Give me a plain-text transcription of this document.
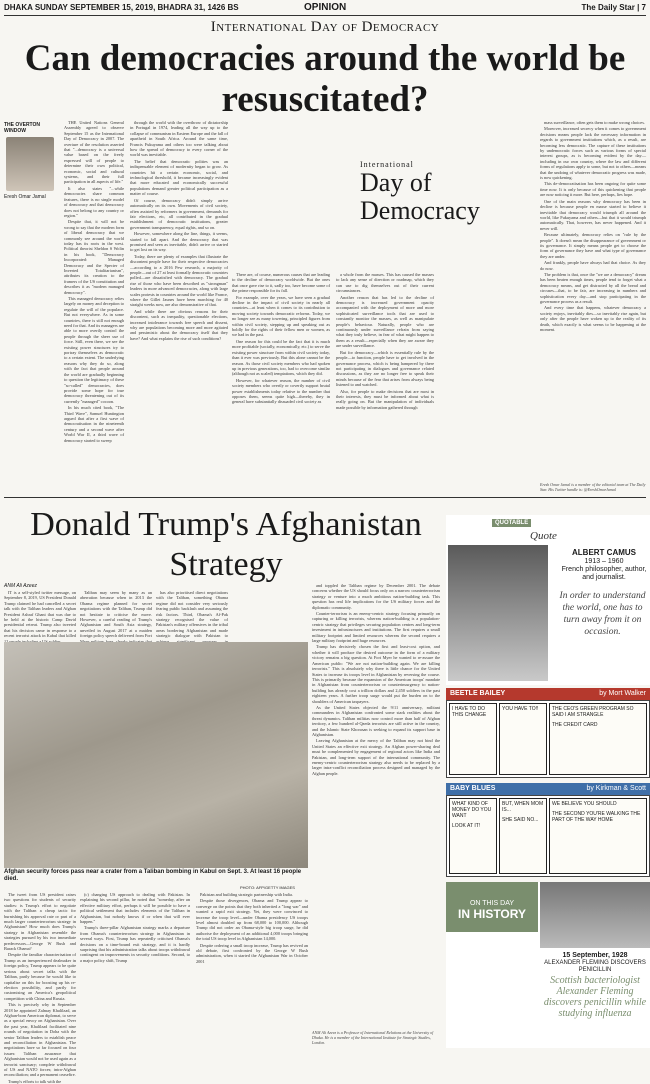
DHAKA SUNDAY SEPTEMBER 15, 2019, BHADRA 31, 1426 BS	OPINION	The Daily Star | 7
International Day of Democracy
Can democracies around the world be resuscitated?
THE OVERTON WINDOW
Eresh Omar Jamal

THE United Nations General Assembly agreed to observe September 15 as the International Day of Democracy in 2007. The overture of the resolution asserted that "...democracy is a universal value based on the freely expressed will of people to determine their own political, economic, social and cultural systems, and their full participation in all aspects of life."

It also states "...while democracies share common features, there is no single model of democracy and that democracy does not belong to any country or region."

Despite that, it will not be wrong to say that the modern form of liberal democracy that we commonly see around the world today has its roots in the west. Political theorist Sheldon S Wolin in his book, "Democracy Incorporated: Managed Democracy and the Specter of Inverted Totalitarianism", attributes its creation to the framers of the US constitution and describes it as "modern managed democracy".

This managed democracy relies largely on money and deception to regulate the will of the populace. But not everywhere. As in some countries, there is still not enough need for that. And its managers are able to more overtly control the people through the sheer use of force. Still, even there, we see the existing power structures try to portray themselves as democratic to a certain extent. The underlying reasons why they do so, along with the fact that people around the world are gradually beginning to question the legitimacy of these "so-called" democracies, does provide some hope for true democracy threatening out of its currently "managed" cocoon.

In his much cited book, "The Third Wave", Samuel Huntington argued that after a first wave of democratisation in the nineteenth century and a second wave after World War II, a third wave of democracy started to sweep

through the world with the overthrow of dictatorship in Portugal in 1974, leading all the way up to the collapse of communism in Eastern Europe and the fall of apartheid in South Africa. Around the same time, Francis Fukuyama and others too were talking about how the spread of democracy to every corner of the world was inevitable.

The belief that democratic polities was an indispensable element of modernity began to grow. As countries hit a certain economic, social, and technological threshold, it became increasingly evident that more educated and economically successful populations demand greater political participation as a matter of course.

Of course, democracy didn't simply arrive automatically on its own. Movements of civil society, often assisted by reformers in government, demands for fair elections, etc, all contributed in the gradual establishment of democratic institutions, greater government transparency, equal rights, and so on.

However, somewhere along the line, things, it seems, started to fall apart. And the democracy that was promised and seen as inevitable, didn't arrive or started to get lost on its way.

Today, there are plenty of examples that illustrate the discontent people have for their respective democracies—according to a 2016 Pew research, a majority of people—out of 27 at least formally democratic countries polled—are dissatisfied with democracy. The gradual rise of those who have been described as "strongman" leaders in more advanced democracies, along with large scales protests in countries around the world like France, where the Gillet Jaunes have been marching for 40 straight weeks now, are also demonstrative of that.

And while there are obvious reasons for their discontent, such as inequality, questionable elections, increased intolerance towards free speech and dissent, why are populations becoming more and more agitated and pessimistic about the democracy itself that they have? And what explains the rise of such conditions?

International
Day of
Democracy

There are, of course, numerous causes that are leading to the decline of democracy worldwide. But the ones that once gave rise to it, sadly too, have become some of the prime responsible for its fall.

For example, over the years, we have seen a gradual decline in the impact of civil society in nearly all countries—at least when it comes to its contribution to moving society towards democratic reforms. Today, we no longer see as many towering, principled figures from within civil society, stepping up and speaking out as boldly for the rights of their fellow men or women, as we had in the past.

One reason for this could be the fact that it is much more profitable (socially, economically, etc.) to serve the existing power structure from within civil society today, than it ever was previously. But this alone cannot be the reason. As those civil society members who had spoken up in previous generations, too, had to overcome similar (although not as scaled) temptations, which they did.

However, for whatever reason, the number of civil society members who overtly or covertly support brutal power establishments today relative to the number that opposes them, seems quite high—thereby, they in general have substantially dissuaded civil society as

a whole from the masses. This has caused the masses to lack any sense of direction or roadmap, which they can use to dig themselves out of their current circumstances.

Another reason that has led to the decline of democracy is increased government opacity accompanied with the deployment of more and more sophisticated surveillance tools that are used to constantly monitor the masses, as well as manipulate people's behaviour. Naturally, people who are continuously under surveillance refrain from saying what they truly believe, in fear of what might happen to them as a result—especially when they are aware they are under surveillance.

But for democracy—which is essentially rule by the people—to function, people have to get involved in the governance process, which is being hampered by there not participating in dialogues and governance related discussions, as they are no longer free to speak their minds because of the fear that arises from always being listened to and watched.

Also, for people to make decisions that are most in their interests, they must be informed about what is really going on. But the manipulation of individuals made possible by information gathered through

mass surveillance, often gets them to make wrong choices.

Moreover, increased secrecy when it comes to government decisions means people lack the necessary information in regards to government institutions which, as a result, are becoming less democratic. The capture of these institutions by undemocratic forces such as various forms of special interest groups, as is becoming evident by the day—including in our own country, where the law and different forms of regulations apply to some, but not to others—means that the undoing of whatever democratic progress was made, is now quickening.

This de-democratisation has been ongoing for quite some time now. It is only because of this quickening that people are now noticing it more. But here, perhaps, lies hope.

One of the main reasons why democracy has been in decline is because people en masse started to believe it inevitable that democracy would triumph all around the world, like Fukuyama and others—but that it would triumph automatically. That, however, has never happened. And it never will.

Because ultimately, democracy relies on "rule by the people". It doesn't mean the disappearance of government or its governance. It simply means people get to choose the form of governance they have and what type of governance they are under.

And frankly, people have always had that choice. As they do now.

The problem is that, once the "we are a democracy" dream has been beaten enough times, people tend to forget what a democracy means, and get distracted by all the bread and circuses—that, to be fair, are increasing in numbers and sophistication every day—and stop participating in the governance process as a result.

And every time that happens, whatever democracy a society enjoys, inevitably dies—so inevitably rise again, but only after the people have woken up to the reality of its death, which exactly is what seems to be happening at the moment.

Eresh Omar Jamal is a member of the editorial team at The Daily Star. His Twitter handle is: @EreshOmarJamal
Donald Trump's Afghanistan Strategy
ANM Ali Azeez

IT is a self-styled twitter message, on September 8, 2019, US President Donald Trump claimed he had cancelled a secret talk with the Taliban leaders and Afghan President Ashraf Ghani that was due to be held at the historic Camp David presidential retreat. Trump also tweeted that his decision came in response to a recent terrorist attack in Kabul that killed

Taliban may seem by many as an aberration because when in 2013 the Obama regime planned for secret negotiations with the Taliban, Trump did not hesitate to criticise the move. However, a careful reading of Trump's Afghanistan and South Asia strategy, unveiled in August 2017 at a maiden foreign policy speech delivered from Fort

has also prioritised direct negotiations with the Taliban, something Obama regime did not consider very seriously fearing public backlash and assuming the risk factors. Third, Obama's Af-Pak strategy recognised the value of Pakistan's military offensives in the tribal areas bordering Afghanistan and made strategic dialogue with Pakistan to

Afghan security forces pass near a crater from a Taliban bombing in Kabul on Sept. 3. At least 16 people died.
PHOTO: AFP/GETTY IMAGES

The tweet from US president raises two questions for students of security studies: is Trump's effort to negotiate with the Taliban a cheap tactic for burnishing his approval rate or part of a much larger counterterrorism strategy in Afghanistan? How much does Trump's strategy in Afghanistan resemble the strategies pursued by his two immediate predecessors—George W Bush and Barack Obama?

Despite the familiar characterisation of Trump as an inexperienced dealmaker in foreign policy, Trump appears to be quite serious about secret talks with the Taliban, partly because he would like to capitalise on this for boosting up his re-election possibility, and partly for customising an America's geopolitical competition with China and Russia.

This is precisely why in September 2018 he appointed Zalmay Khalilzad, an Afghan-born American diplomat, to serve as a special envoy on Afghanistan. Over the past year, Khalilzad facilitated nine rounds of negotiation in Doha with the senior Taliban leaders to establish peace and reconciliation in Afghanistan. The negotiations have so far focused on four issues: Taliban assurance that Afghanistan would not be used again as a terrorist sanctuary; complete withdrawal of US and NATO forces; intra-Afghan reconciliation; and a permanent ceasefire.

Trump's efforts to talk with the

(c) changing US approach to dealing with Pakistan. In explaining his second pillar, he noted that "someday, after an effective military effort, perhaps it will be possible to have a political settlement that includes elements of the Taliban in Afghanistan, but nobody knows if or when that will ever happen."

Trump's three-pillar Afghanistan strategy marks a departure from Obama's counterterrorism strategy in Afghanistan in several ways. First, Trump has repeatedly criticised Obama's decisions on a time-bound exit strategy, and it is hardly surprising that his administration talks about troops withdrawal contingent on improvements in security conditions. Second, to a major policy shift, Trump

Pakistan and building strategic partnership with India.

Despite those divergences, Obama and Trump appear to converge on the points that they both inherited a "long war" and wanted a rapid exit strategy. Yet, they were convinced to increase the troop level—under Obama presidency US troops level almost doubled up from 68,000 to 100,000. Although Trump did not order an Obama-style big troop surge, he did authorise the deployment of an additional 4,000 troops bringing the total US troop level in Afghanistan 14,000.

Despite ordering a small troop increase, Trump has revived an old debate, first confronted by the George W Bush administration, when it started the Afghanistan War in October 2001

and toppled the Taliban regime by December 2001. The debate concerns whether the US should focus only on a narrow counterterrorism strategy or venture into a much ambitious nation-building task. This question has real life implications for the US military forces and the diplomatic community.

Counter-terrorism is an enemy-centric strategy focusing primarily on capturing or killing terrorists, whereas nation-building is a population-centric strategy that privileges securing population centres and long-term investment in infrastructures and institutions. The first requires a small military footprint and limited resources whereas the second requires a large military footprint and huge resources.

Trump has decisively chosen the first and least-cost option, and whether it will produce the desired outcome in the form of a military victory remains a big question. At Fort Myer he wanted to re-assure the American public: "We are not nation-building again. We are killing terrorists." This is absolutely why there is little chance for the United States to increase its troops level in Afghanistan by reversing the course. This is primarily because the expansion of the American troops' mandate in Afghanistan from counterterrorism or counterinsurgency to nation-building has already cost a trillion dollars and 2,450 soldiers in the past eighteen years. A further troop surge would put the burden on to the shoulders of American taxpayers.

As the United States objected the 9/11 anniversary, militant commanders in Afghanistan confronted some stark realities about the threat dynamics. Taliban militias now control more than half of Afghan territory, a few hundred al-Qaeda terrorists are still active in the country, and the Islamic State Khorasan is seeking to expand its support base in Afghanistan.

Leaving Afghanistan at the mercy of the Taliban may not bind the United States an effective exit strategy. An Afghan power-sharing deal must be complemented by engagement of regional actors like India and Pakistan, and long-term support of the international community. The enemy-centric counterterrorism strategy also needs to be replaced by a larger intra-conflict reconciliation process designed and managed by the Afghan people.

ANM Ali Azeez is a Professor of International Relations at the University of Dhaka. He is a member of the International Institute for Strategic Studies, London.
QUOTABLE
Quote
ALBERT CAMUS
1913 – 1960
French philosopher, author, and journalist.
In order to understand the world, one has to turn away from it on occasion.
BEETLE BAILEY	by Mort Walker
I HAVE TO DO THIS CHANGE
YOU HAVE TO!!	THE CEO'S GREEN PROGRAM SO SAID I AM STRANGLE
THE CREDIT CARD
BABY BLUES	by Kirkman & Scott
WHAT KIND OF MONEY DO YOU WANT
LOOK AT IT!
BUT, WHEN MOM IS...
SHE SAID NO...
WE BELIEVE YOU SHOULD
THE SECOND YOU'RE WALKING THE PART OF THE WAY HOME
ON THIS DAY
IN HISTORY
15 September, 1928
ALEXANDER FLEMING DISCOVERS PENICILLIN
Scottish bacteriologist Alexander Fleming discovers penicillin while studying influenza
